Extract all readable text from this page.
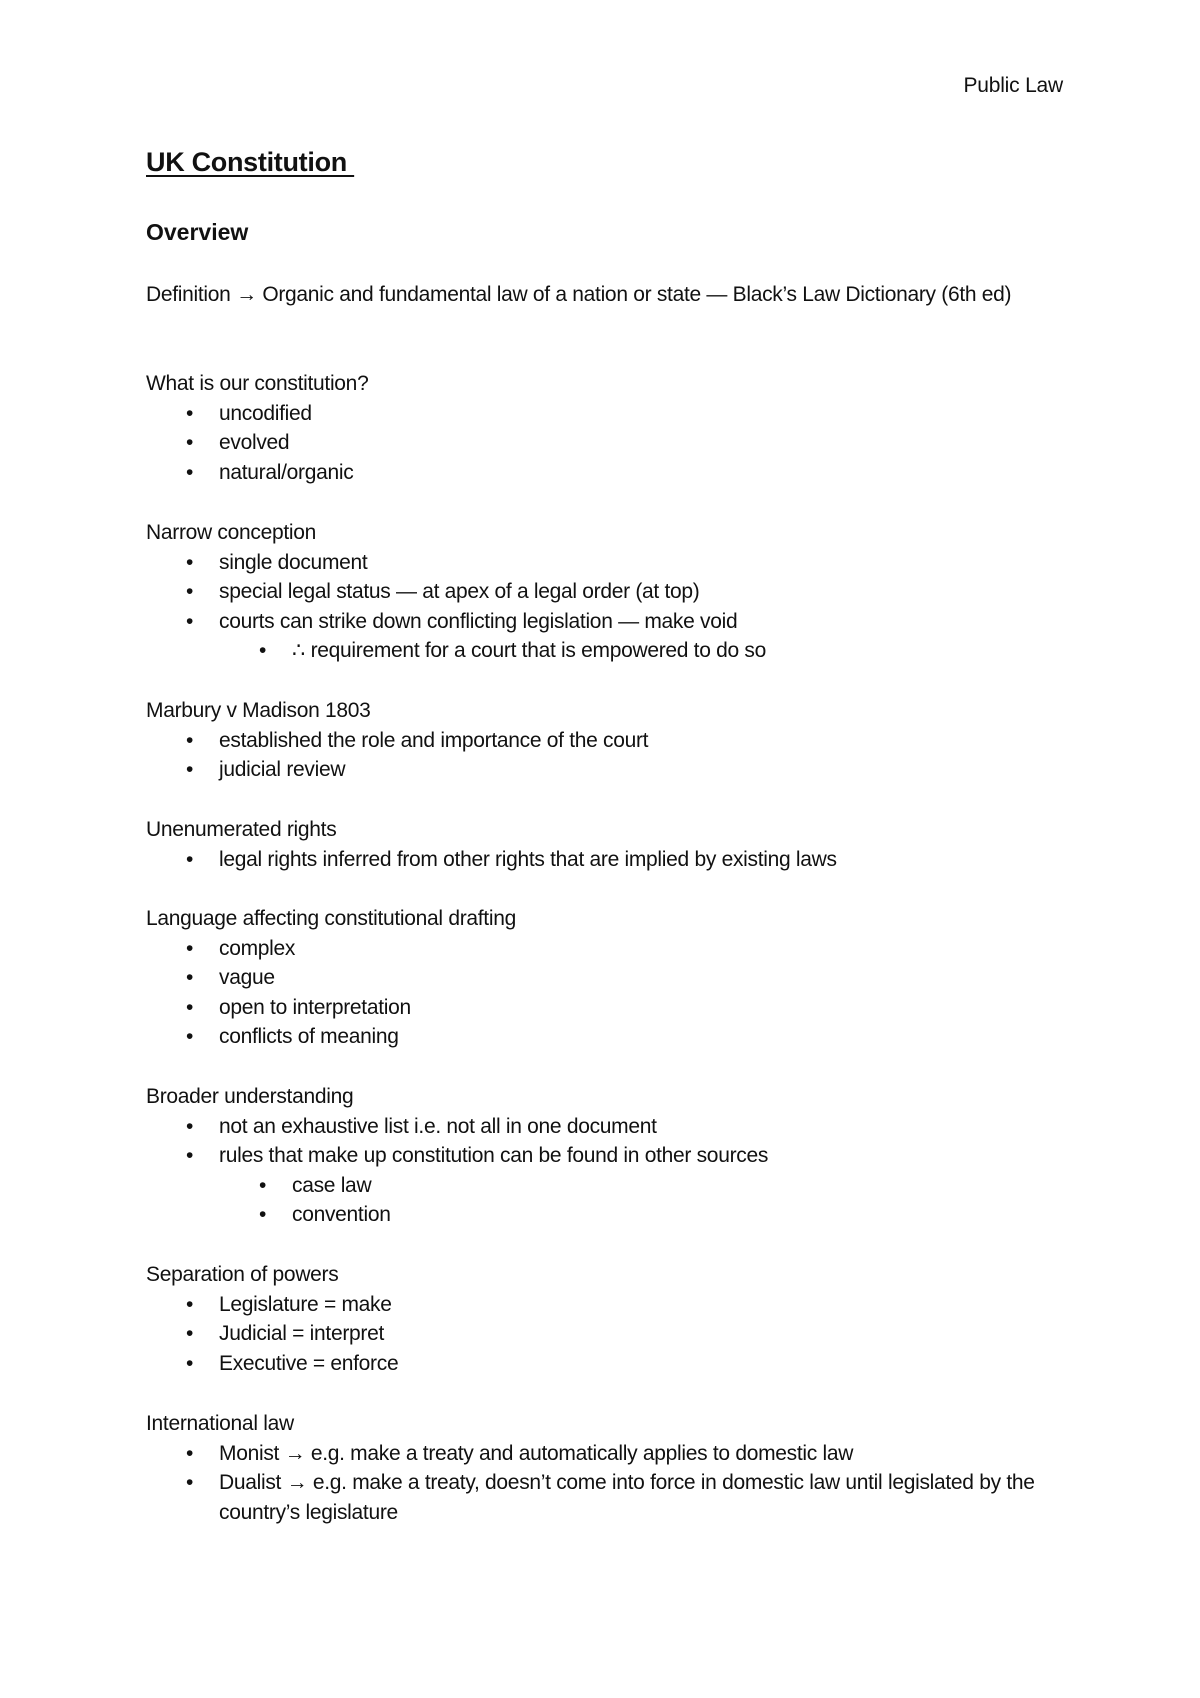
Public Law
UK Constitution
Overview
Definition → Organic and fundamental law of a nation or state — Black’s Law Dictionary (6th ed)

What is our constitution?

• uncodified
• evolved
• natural/organic

Narrow conception

• single document
• special legal status — at apex of a legal order (at top)
• courts can strike down conflicting legislation — make void
• ∴ requirement for a court that is empowered to do so

Marbury v Madison 1803

• established the role and importance of the court
• judicial review

Unenumerated rights

• legal rights inferred from other rights that are implied by existing laws

Language affecting constitutional drafting

• complex
• vague
• open to interpretation
• conflicts of meaning

Broader understanding

• not an exhaustive list i.e. not all in one document
• rules that make up constitution can be found in other sources
• case law
• convention

Separation of powers

• Legislature = make
• Judicial = interpret
• Executive = enforce

International law

• Monist → e.g. make a treaty and automatically applies to domestic law
• Dualist → e.g. make a treaty, doesn’t come into force in domestic law until legislated by the country’s legislature
